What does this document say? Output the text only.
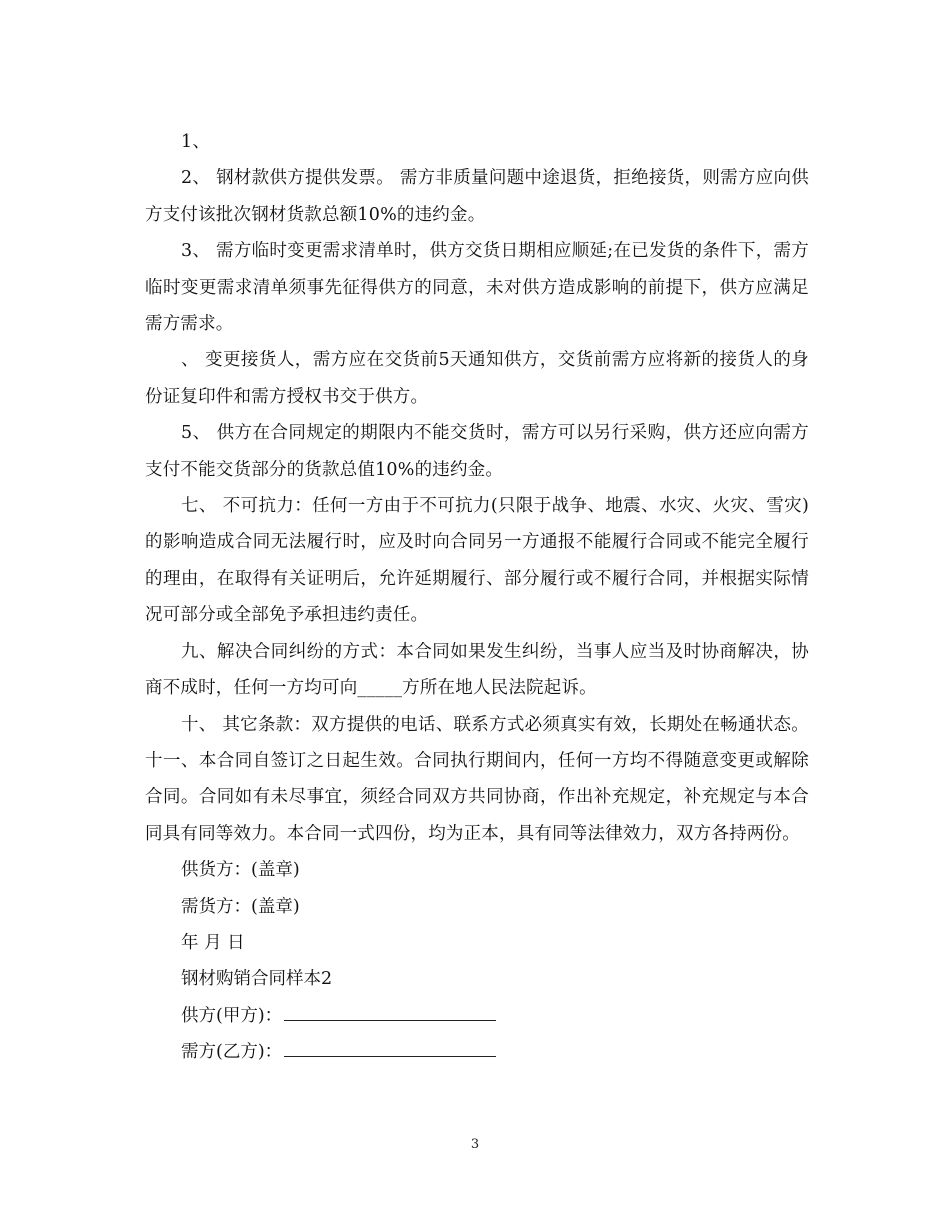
1、

2、 钢材款供方提供发票。 需方非质量问题中途退货，拒绝接货，则需方应向供方支付该批次钢材货款总额10%的违约金。

3、 需方临时变更需求清单时，供方交货日期相应顺延;在已发货的条件下，需方临时变更需求清单须事先征得供方的同意，未对供方造成影响的前提下，供方应满足需方需求。

、 变更接货人，需方应在交货前5天通知供方，交货前需方应将新的接货人的身份证复印件和需方授权书交于供方。

5、 供方在合同规定的期限内不能交货时，需方可以另行采购，供方还应向需方支付不能交货部分的货款总值10%的违约金。

七、 不可抗力：任何一方由于不可抗力(只限于战争、地震、水灾、火灾、雪灾)的影响造成合同无法履行时，应及时向合同另一方通报不能履行合同或不能完全履行的理由，在取得有关证明后，允许延期履行、部分履行或不履行合同，并根据实际情况可部分或全部免予承担违约责任。

九、解决合同纠纷的方式：本合同如果发生纠纷，当事人应当及时协商解决，协商不成时，任何一方均可向_____方所在地人民法院起诉。

十、 其它条款：双方提供的电话、联系方式必须真实有效，长期处在畅通状态。 十一、本合同自签订之日起生效。合同执行期间内，任何一方均不得随意变更或解除合同。合同如有未尽事宜，须经合同双方共同协商，作出补充规定，补充规定与本合同具有同等效力。本合同一式四份，均为正本，具有同等法律效力，双方各持两份。

供货方：(盖章)

需货方：(盖章)

年 月 日

钢材购销合同样本2

供方(甲方)：

需方(乙方)：

3
